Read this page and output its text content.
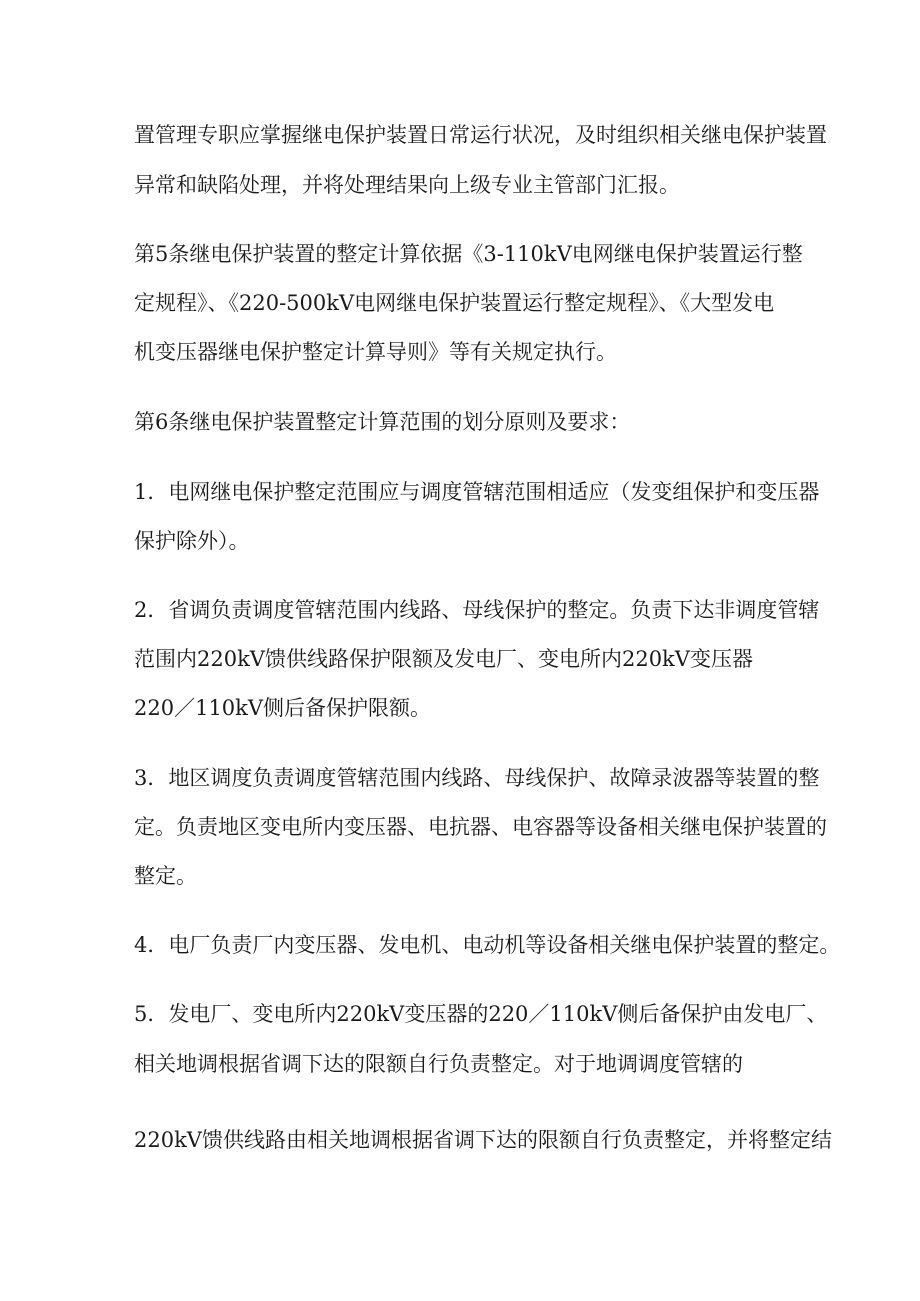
置管理专职应掌握继电保护装置日常运行状况，及时组织相关继电保护装置
异常和缺陷处理，并将处理结果向上级专业主管部门汇报。
第5条继电保护装置的整定计算依据《3-110kV电网继电保护装置运行整
定规程》、《220-500kV电网继电保护装置运行整定规程》、《大型发电
机变压器继电保护整定计算导则》等有关规定执行。
第6条继电保护装置整定计算范围的划分原则及要求：
1．电网继电保护整定范围应与调度管辖范围相适应（发变组保护和变压器
保护除外）。
2．省调负责调度管辖范围内线路、母线保护的整定。负责下达非调度管辖
范围内220kV馈供线路保护限额及发电厂、变电所内220kV变压器
220／110kV侧后备保护限额。
3．地区调度负责调度管辖范围内线路、母线保护、故障录波器等装置的整
定。负责地区变电所内变压器、电抗器、电容器等设备相关继电保护装置的
整定。
4．电厂负责厂内变压器、发电机、电动机等设备相关继电保护装置的整定。
5．发电厂、变电所内220kV变压器的220／110kV侧后备保护由发电厂、
相关地调根据省调下达的限额自行负责整定。对于地调调度管辖的
220kV馈供线路由相关地调根据省调下达的限额自行负责整定，并将整定结
